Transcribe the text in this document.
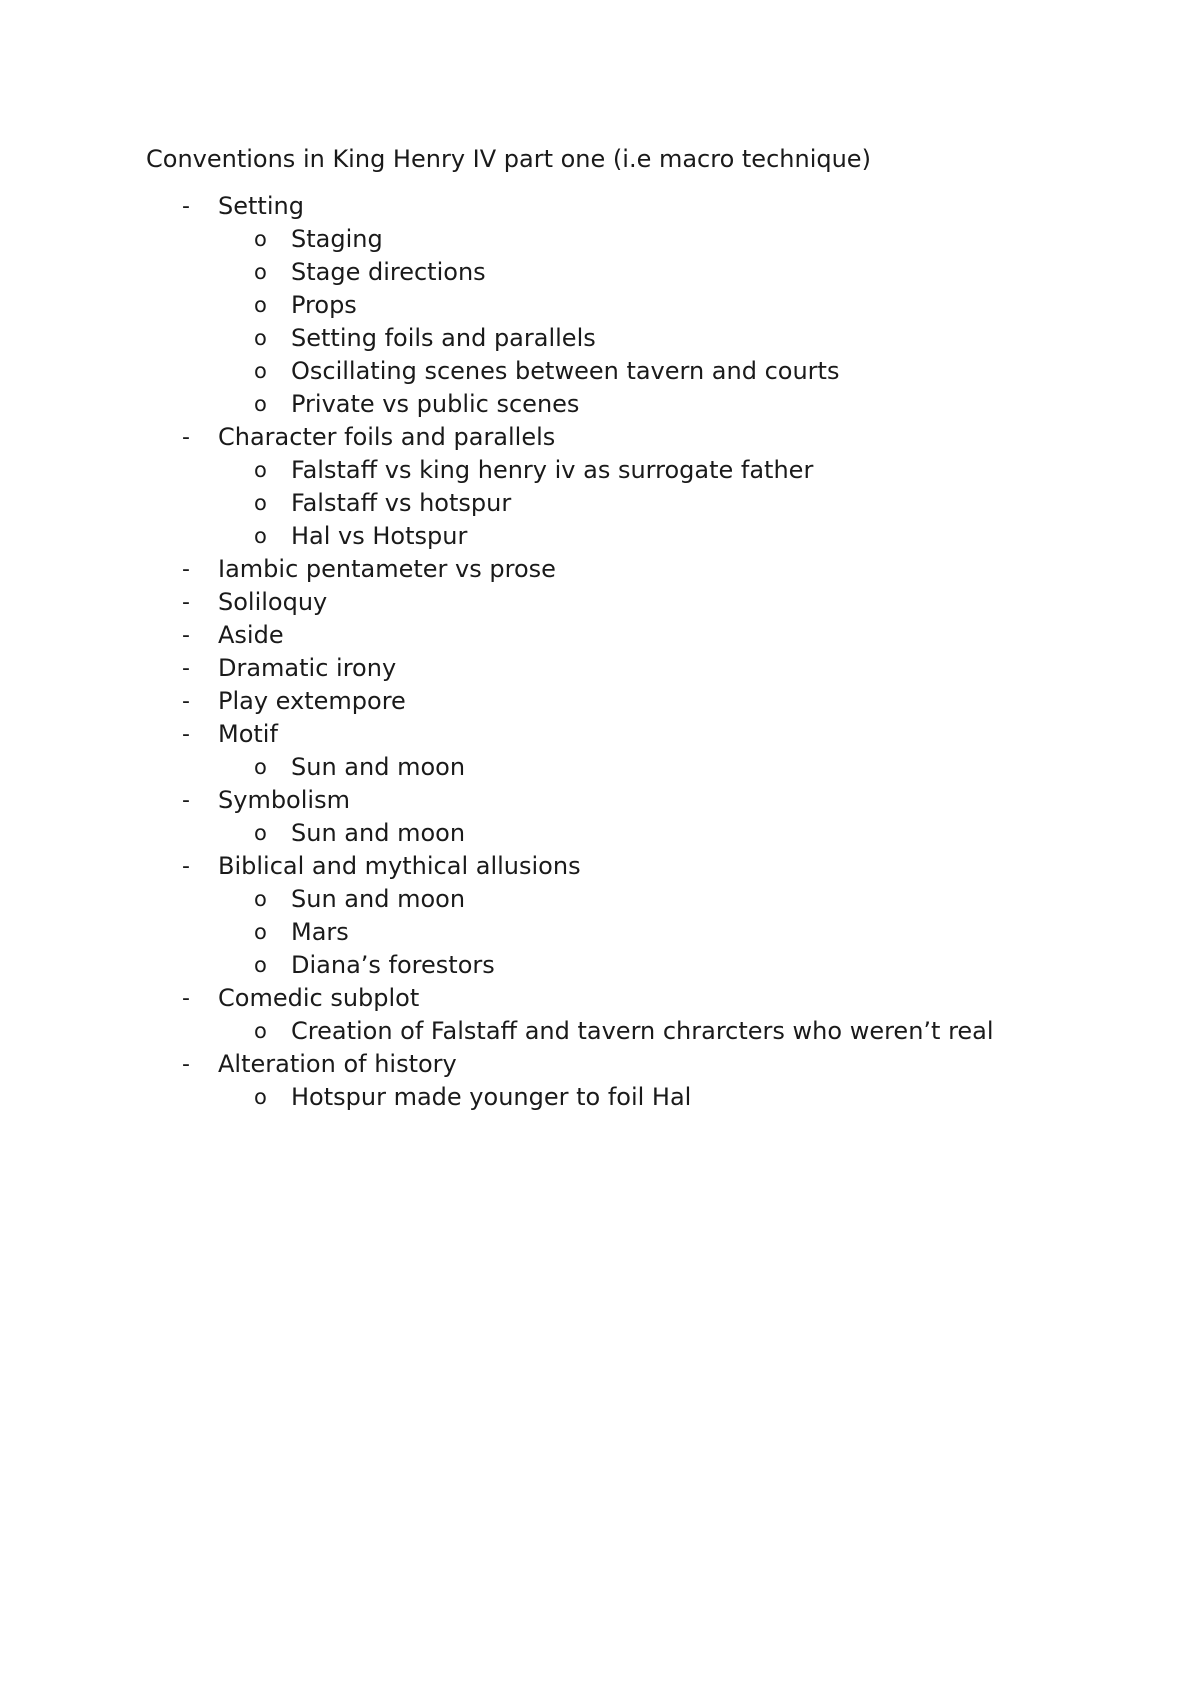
Conventions in King Henry IV part one (i.e macro technique)
- Setting
o Staging
o Stage directions
o Props
o Setting foils and parallels
o Oscillating scenes between tavern and courts
o Private vs public scenes
- Character foils and parallels
o Falstaff vs king henry iv as surrogate father
o Falstaff vs hotspur
o Hal vs Hotspur
- Iambic pentameter vs prose
- Soliloquy
- Aside
- Dramatic irony
- Play extempore
- Motif
o Sun and moon
- Symbolism
o Sun and moon
- Biblical and mythical allusions
o Sun and moon
o Mars
o Diana’s forestors
- Comedic subplot
o Creation of Falstaff and tavern chrarcters who weren’t real
- Alteration of history
o Hotspur made younger to foil Hal
